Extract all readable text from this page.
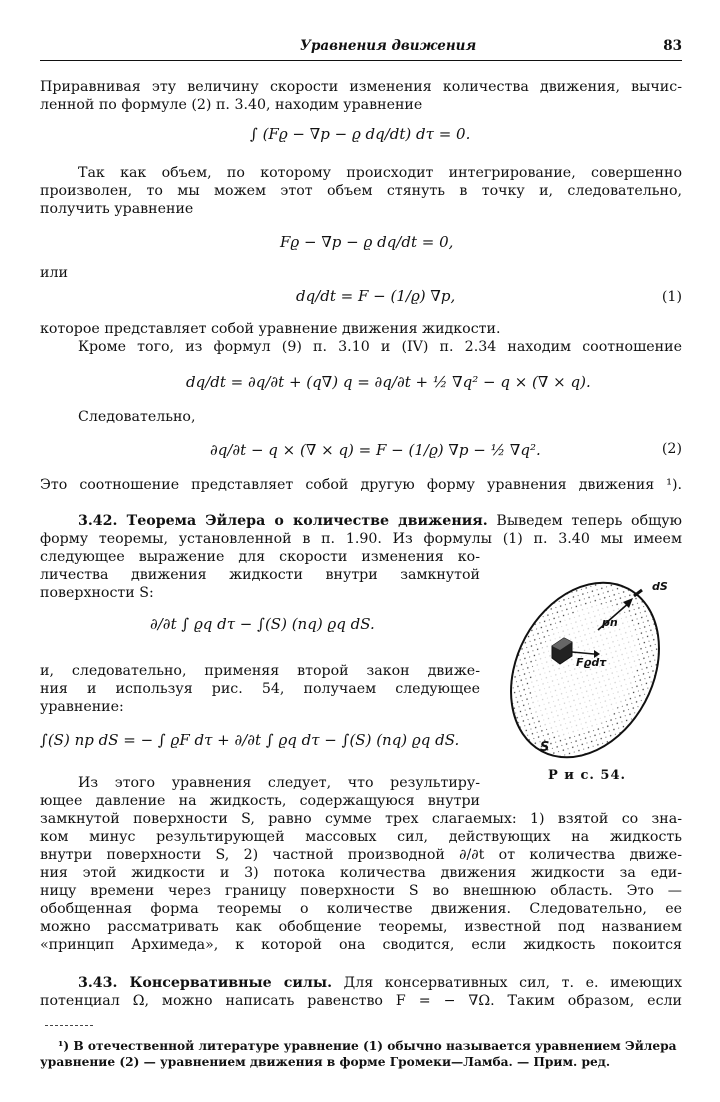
Уравнения движения	83
Приравнивая эту величину скорости изменения количества движения, вычис-
ленной по формуле (2) п. 3.40, находим уравнение
∫ (Fϱ − ∇p − ϱ dq/dt) dτ = 0.
Так как объем, по которому происходит интегрирование, совершенно
произволен, то мы можем этот объем стянуть в точку и, следовательно,
получить уравнение
Fϱ − ∇p − ϱ dq/dt = 0,
или
dq/dt = F − (1/ϱ) ∇p,	(1)
которое представляет собой уравнение движения жидкости.
Кроме того, из формул (9) п. 3.10 и (IV) п. 2.34 находим соотношение
dq/dt = ∂q/∂t + (q∇) q = ∂q/∂t + ½ ∇q² − q × (∇ × q).
Следовательно,
∂q/∂t − q × (∇ × q) = F − (1/ϱ) ∇p − ½ ∇q².	(2)
Это соотношение представляет собой другую форму уравнения движения ¹).
3.42. Теорема Эйлера о количестве движения. Выведем теперь общую
форму теоремы, установленной в п. 1.90. Из формулы (1) п. 3.40 мы имеем
следующее выражение для скорости изменения ко-
личества движения жидкости внутри замкнутой
поверхности S:
∂/∂t ∫ ϱq dτ − ∫(S) (nq) ϱq dS.
и, следовательно, применяя второй закон движе-
ния и используя рис. 54, получаем следующее
уравнение:
∫(S) np dS = − ∫ ϱF dτ + ∂/∂t ∫ ϱq dτ − ∫(S) (nq) ϱq dS.
Из этого уравнения следует, что результиру-
ющее давление на жидкость, содержащуюся внутри
замкнутой поверхности S, равно сумме трех слагаемых: 1) взятой со зна-
ком минус результирующей массовых сил, действующих на жидкость
внутри поверхности S, 2) частной производной ∂/∂t от количества движе-
ния этой жидкости и 3) потока количества движения жидкости за еди-
ницу времени через границу поверхности S во внешнюю область. Это —
обобщенная форма теоремы о количестве движения. Следовательно, ее
можно рассматривать как обобщение теоремы, известной под названием
«принцип Архимеда», к которой она сводится, если жидкость покоится
3.43. Консервативные силы. Для консервативных сил, т. е. имеющих
потенциал Ω, можно написать равенство F = − ∇Ω. Таким образом, если
dS
pn
Fϱdτ
S
Р и с. 54.
¹) В отечественной литературе уравнение (1) обычно называется уравнением Эйлера
уравнение (2) — уравнением движения в форме Громеки—Ламба. — Прим. ред.
